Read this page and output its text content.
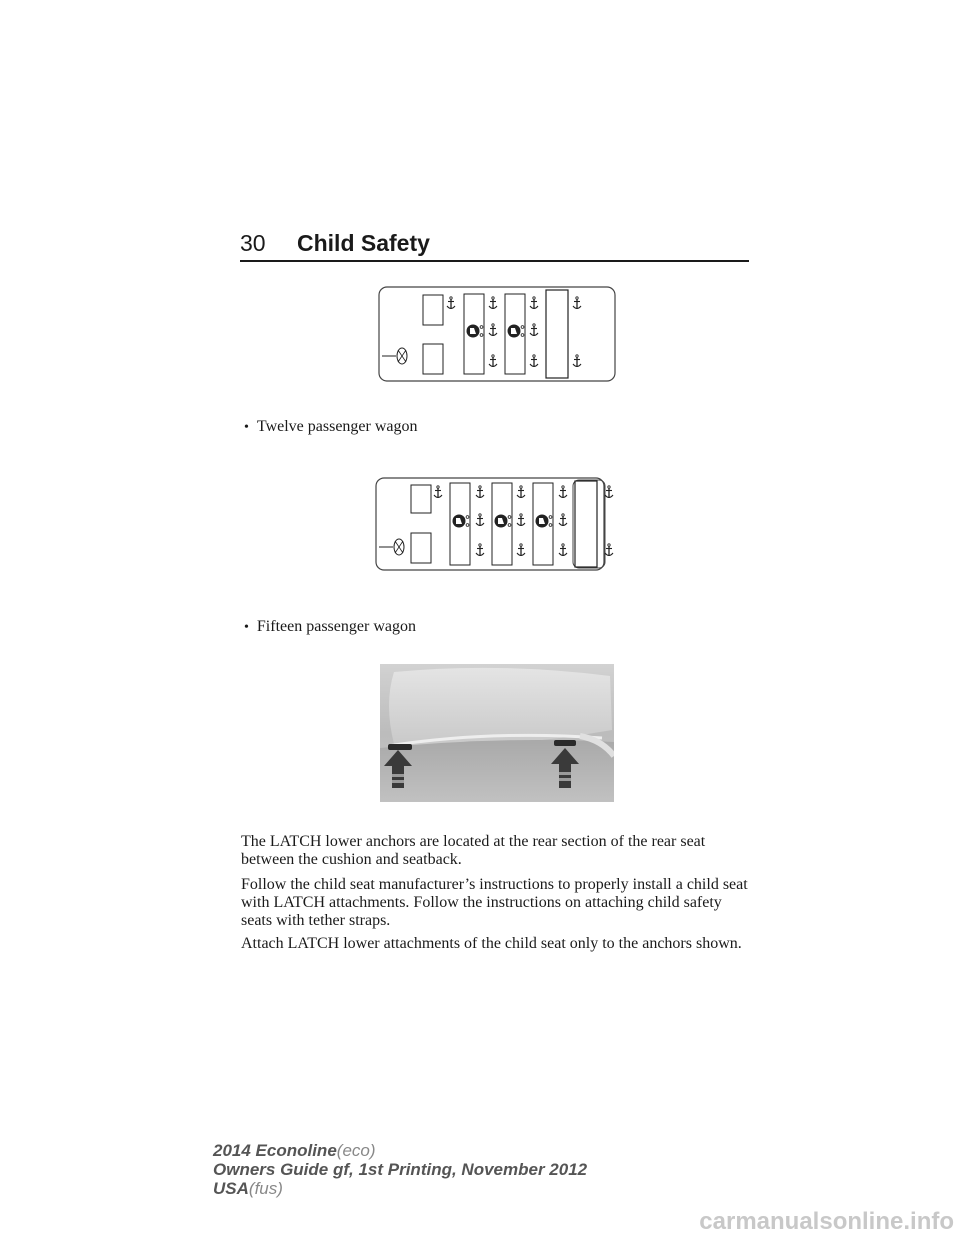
30 Child Safety
• Twelve passenger wagon
• Fifteen passenger wagon
The LATCH lower anchors are located at the rear section of the rear seat between the cushion and seatback.
Follow the child seat manufacturer’s instructions to properly install a child seat with LATCH attachments. Follow the instructions on attaching child safety seats with tether straps.
Attach LATCH lower attachments of the child seat only to the anchors shown.
2014 Econoline(eco)
Owners Guide gf, 1st Printing, November 2012
USA(fus)
carmanualsonline.info
